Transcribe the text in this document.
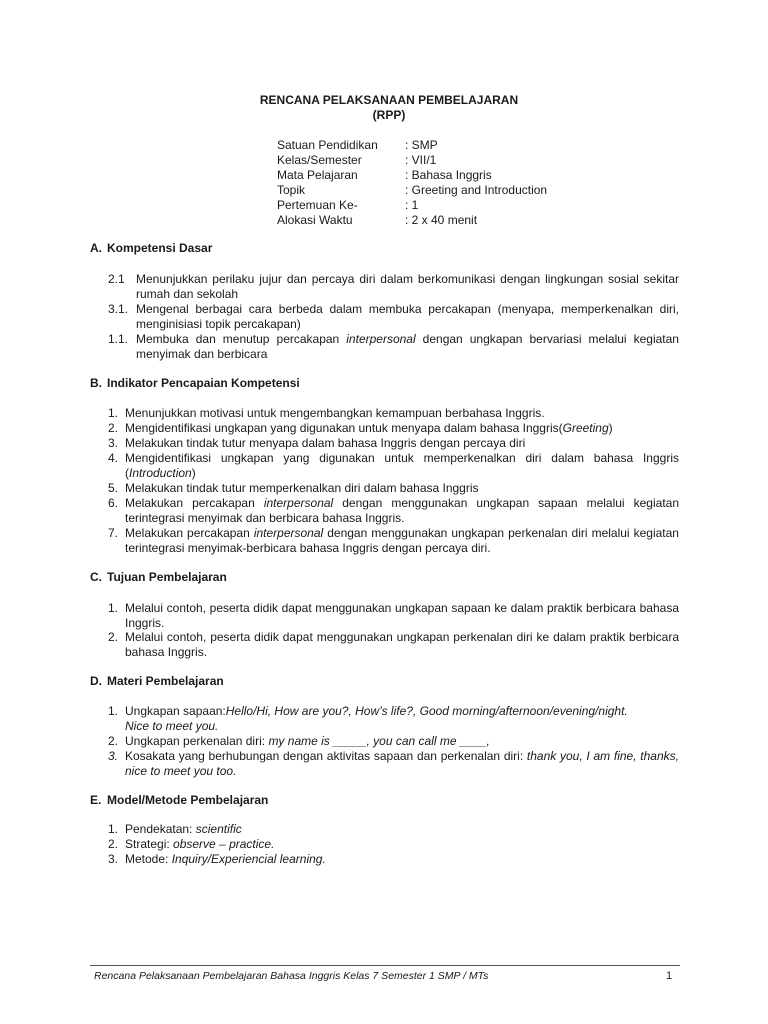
RENCANA PELAKSANAAN PEMBELAJARAN
(RPP)
Satuan Pendidikan : SMP
Kelas/Semester	: VII/1
Mata Pelajaran	: Bahasa Inggris
Topik	: Greeting and Introduction
Pertemuan Ke-	: 1
Alokasi Waktu	: 2 x 40 menit
A. Kompetensi Dasar
2.1 Menunjukkan perilaku jujur dan percaya diri dalam berkomunikasi dengan lingkungan sosial sekitar rumah dan sekolah
3.1. Mengenal berbagai cara berbeda dalam membuka percakapan (menyapa, memperkenalkan diri, menginisiasi topik percakapan)
1.1. Membuka dan menutup percakapan interpersonal dengan ungkapan bervariasi melalui kegiatan menyimak dan berbicara
B. Indikator Pencapaian Kompetensi
1. Menunjukkan motivasi untuk mengembangkan kemampuan berbahasa Inggris.
2. Mengidentifikasi ungkapan yang digunakan untuk menyapa dalam bahasa Inggris(Greeting)
3. Melakukan tindak tutur menyapa dalam bahasa Inggris dengan percaya diri
4. Mengidentifikasi ungkapan yang digunakan untuk memperkenalkan diri dalam bahasa Inggris (Introduction)
5. Melakukan tindak tutur memperkenalkan diri dalam bahasa Inggris
6. Melakukan percakapan interpersonal dengan menggunakan ungkapan sapaan melalui kegiatan terintegrasi menyimak dan berbicara bahasa Inggris.
7. Melakukan percakapan interpersonal dengan menggunakan ungkapan perkenalan diri melalui kegiatan terintegrasi menyimak-berbicara bahasa Inggris dengan percaya diri.
C. Tujuan Pembelajaran
1. Melalui contoh, peserta didik dapat menggunakan ungkapan sapaan ke dalam praktik berbicara bahasa Inggris.
2. Melalui contoh, peserta didik dapat menggunakan ungkapan perkenalan diri ke dalam praktik berbicara bahasa Inggris.
D. Materi Pembelajaran
1. Ungkapan sapaan:Hello/Hi, How are you?, How’s life?, Good morning/afternoon/evening/night.
Nice to meet you.
2. Ungkapan perkenalan diri: my name is _____, you can call me ____,
3. Kosakata yang berhubungan dengan aktivitas sapaan dan perkenalan diri: thank you, I am fine, thanks, nice to meet you too.
E. Model/Metode Pembelajaran
1. Pendekatan: scientific
2. Strategi: observe – practice.
3. Metode: Inquiry/Experiencial learning.
Rencana Pelaksanaan Pembelajaran Bahasa Inggris Kelas 7 Semester 1 SMP / MTs	1
